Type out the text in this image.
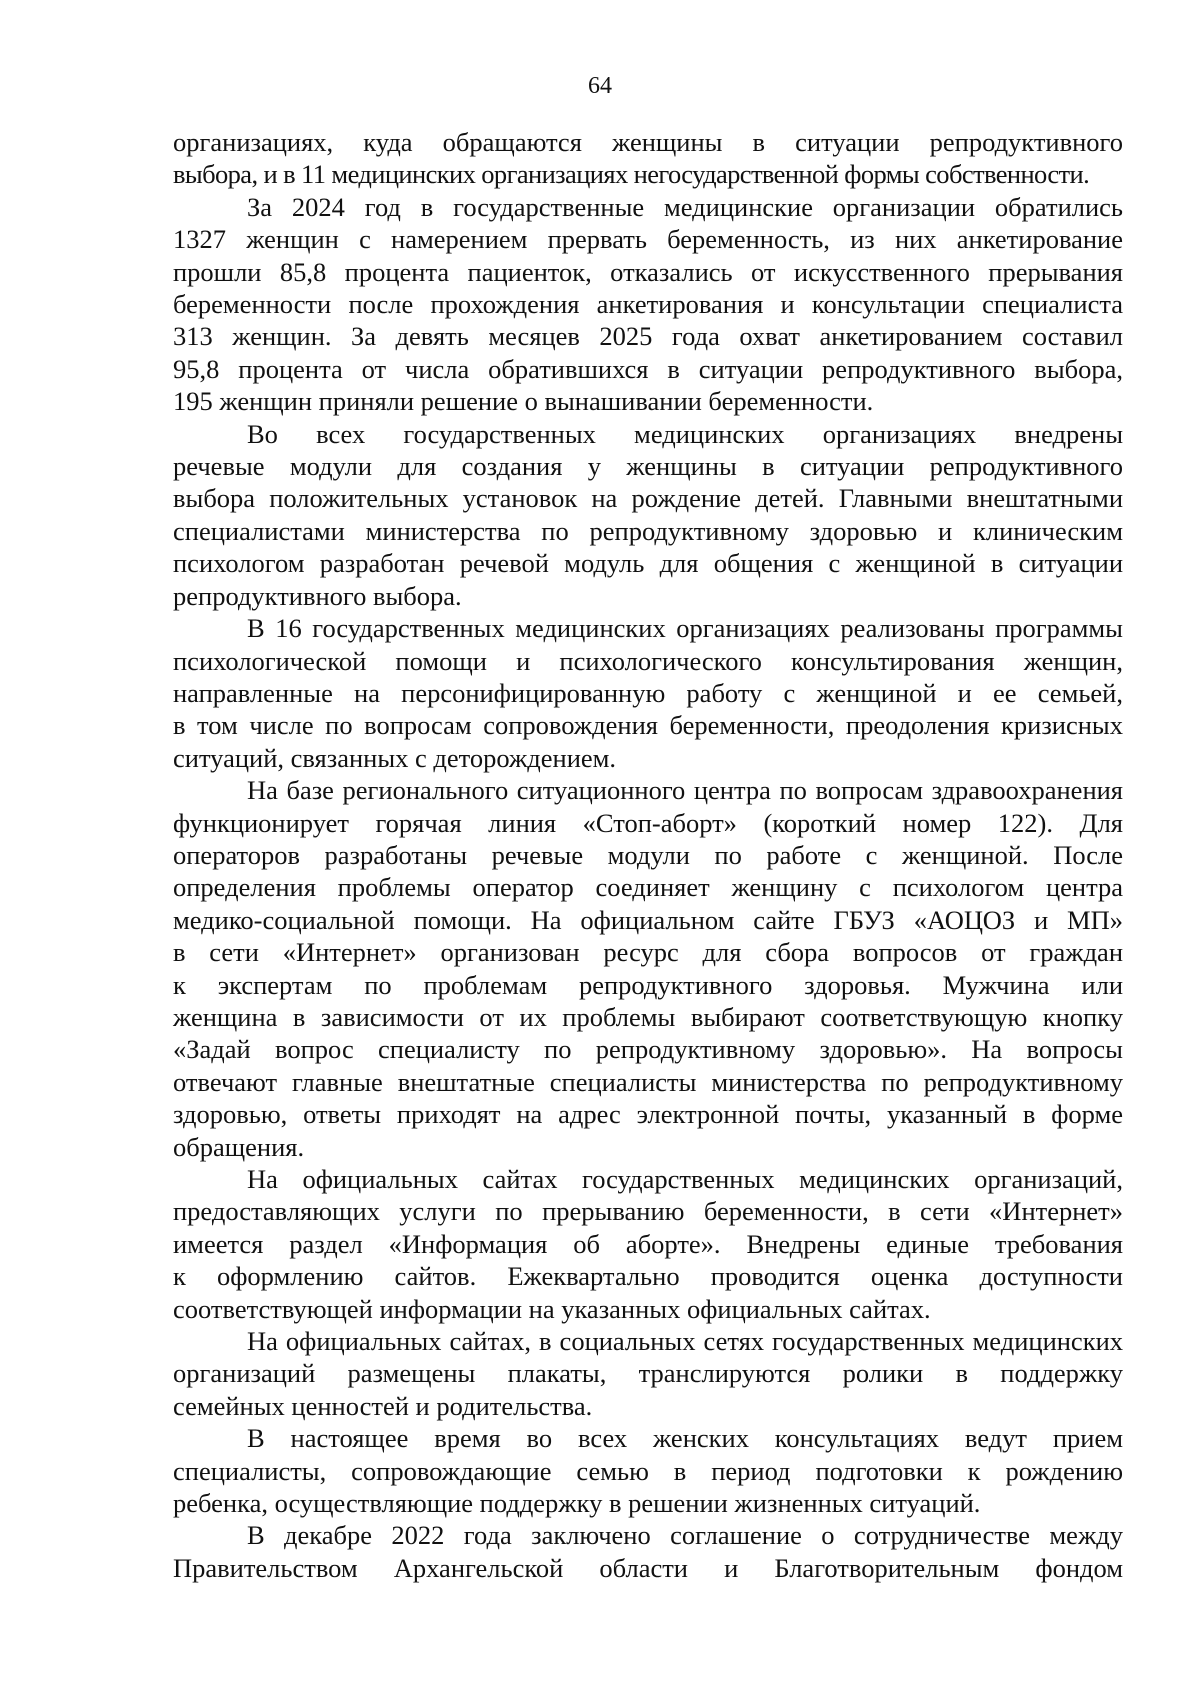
64
организациях, куда обращаются женщины в ситуации репродуктивного
выбора, и в 11 медицинских организациях негосударственной формы собственности.
За 2024 год в государственные медицинские организации обратились
1327 женщин с намерением прервать беременность, из них анкетирование
прошли 85,8 процента пациенток, отказались от искусственного прерывания
беременности после прохождения анкетирования и консультации специалиста
313 женщин. За девять месяцев 2025 года охват анкетированием составил
95,8 процента от числа обратившихся в ситуации репродуктивного выбора,
195 женщин приняли решение о вынашивании беременности.
Во всех государственных медицинских организациях внедрены
речевые модули для создания у женщины в ситуации репродуктивного
выбора положительных установок на рождение детей. Главными внештатными
специалистами министерства по репродуктивному здоровью и клиническим
психологом разработан речевой модуль для общения с женщиной в ситуации
репродуктивного выбора.
В 16 государственных медицинских организациях реализованы программы
психологической помощи и психологического консультирования женщин,
направленные на персонифицированную работу с женщиной и ее семьей,
в том числе по вопросам сопровождения беременности, преодоления кризисных
ситуаций, связанных с деторождением.
На базе регионального ситуационного центра по вопросам здравоохранения
функционирует горячая линия «Стоп-аборт» (короткий номер 122). Для
операторов разработаны речевые модули по работе с женщиной. После
определения проблемы оператор соединяет женщину с психологом центра
медико-социальной помощи. На официальном сайте ГБУЗ «АОЦОЗ и МП»
в сети «Интернет» организован ресурс для сбора вопросов от граждан
к экспертам по проблемам репродуктивного здоровья. Мужчина или
женщина в зависимости от их проблемы выбирают соответствующую кнопку
«Задай вопрос специалисту по репродуктивному здоровью». На вопросы
отвечают главные внештатные специалисты министерства по репродуктивному
здоровью, ответы приходят на адрес электронной почты, указанный в форме
обращения.
На официальных сайтах государственных медицинских организаций,
предоставляющих услуги по прерыванию беременности, в сети «Интернет»
имеется раздел «Информация об аборте». Внедрены единые требования
к оформлению сайтов. Ежеквартально проводится оценка доступности
соответствующей информации на указанных официальных сайтах.
На официальных сайтах, в социальных сетях государственных медицинских
организаций размещены плакаты, транслируются ролики в поддержку
семейных ценностей и родительства.
В настоящее время во всех женских консультациях ведут прием
специалисты, сопровождающие семью в период подготовки к рождению
ребенка, осуществляющие поддержку в решении жизненных ситуаций.
В декабре 2022 года заключено соглашение о сотрудничестве между
Правительством Архангельской области и Благотворительным фондом
